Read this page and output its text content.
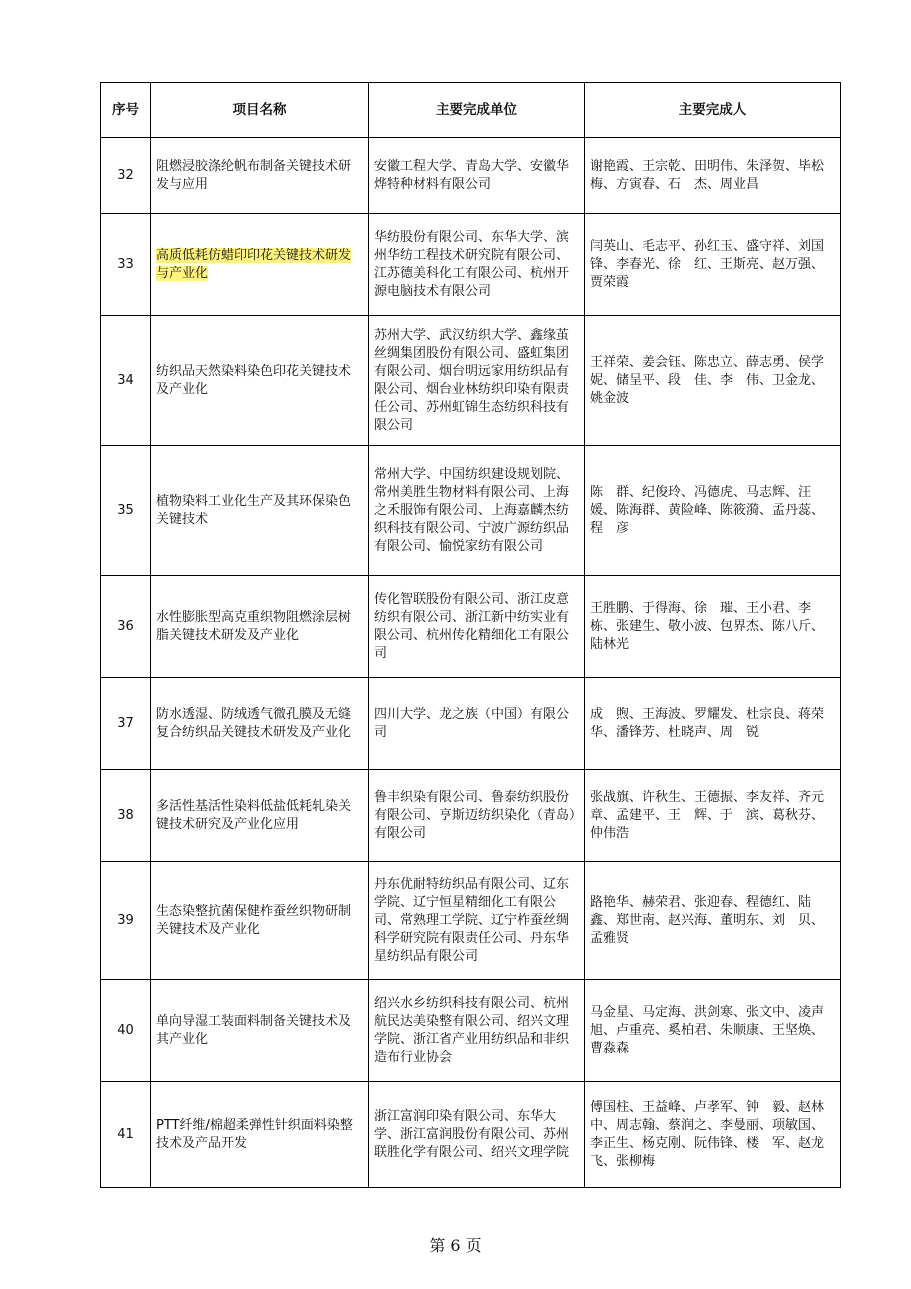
序号	项目名称	主要完成单位	主要完成人
32	阻燃浸胶涤纶帆布制备关键技术研发与应用	安徽工程大学、青岛大学、安徽华烨特种材料有限公司	谢艳霞、王宗乾、田明伟、朱泽贺、毕松梅、方寅春、石　杰、周业昌
33	高质低耗仿蜡印印花关键技术研发与产业化	华纺股份有限公司、东华大学、滨州华纺工程技术研究院有限公司、江苏德美科化工有限公司、杭州开源电脑技术有限公司	闫英山、毛志平、孙红玉、盛守祥、刘国锋、李春光、徐　红、王斯亮、赵万强、贾荣霞
34	纺织品天然染料染色印花关键技术及产业化	苏州大学、武汉纺织大学、鑫缘茧丝绸集团股份有限公司、盛虹集团有限公司、烟台明远家用纺织品有限公司、烟台业林纺织印染有限责任公司、苏州虹锦生态纺织科技有限公司	王祥荣、姜会钰、陈忠立、薛志勇、侯学妮、储呈平、段　佳、李　伟、卫金龙、姚金波
35	植物染料工业化生产及其环保染色关键技术	常州大学、中国纺织建设规划院、常州美胜生物材料有限公司、上海之禾服饰有限公司、上海嘉麟杰纺织科技有限公司、宁波广源纺织品有限公司、愉悦家纺有限公司	陈　群、纪俊玲、冯德虎、马志辉、汪　媛、陈海群、黄险峰、陈筱漪、孟丹蕊、程　彦
36	水性膨胀型高克重织物阻燃涂层树脂关键技术研发及产业化	传化智联股份有限公司、浙江皮意纺织有限公司、浙江新中纺实业有限公司、杭州传化精细化工有限公司	王胜鹏、于得海、徐　璀、王小君、李　栋、张建生、敬小波、包界杰、陈八斤、陆林光
37	防水透湿、防绒透气微孔膜及无缝复合纺织品关键技术研发及产业化	四川大学、龙之族（中国）有限公司	成　煦、王海波、罗耀发、杜宗良、蒋荣华、潘锋芳、杜晓声、周　锐
38	多活性基活性染料低盐低耗轧染关键技术研究及产业化应用	鲁丰织染有限公司、鲁泰纺织股份有限公司、亨斯迈纺织染化（青岛）有限公司	张战旗、许秋生、王德振、李友祥、齐元章、孟建平、王　辉、于　滨、葛秋芬、仲伟浩
39	生态染整抗菌保健柞蚕丝织物研制关键技术及产业化	丹东优耐特纺织品有限公司、辽东学院、辽宁恒星精细化工有限公司、常熟理工学院、辽宁柞蚕丝绸科学研究院有限责任公司、丹东华星纺织品有限公司	路艳华、赫荣君、张迎春、程德红、陆　鑫、郑世南、赵兴海、董明东、刘　贝、孟雅贤
40	单向导湿工装面料制备关键技术及其产业化	绍兴水乡纺织科技有限公司、杭州航民达美染整有限公司、绍兴文理学院、浙江省产业用纺织品和非织造布行业协会	马金星、马定海、洪剑寒、张文中、凌声旭、卢重亮、奚柏君、朱顺康、王坚焕、曹淼森
41	PTT纤维/棉超柔弹性针织面料染整技术及产品开发	浙江富润印染有限公司、东华大学、浙江富润股份有限公司、苏州联胜化学有限公司、绍兴文理学院	傅国柱、王益峰、卢孝军、钟　毅、赵林中、周志翰、蔡润之、李曼丽、项敏国、李正生、杨克刚、阮伟锋、楼　军、赵龙飞、张柳梅
第 6 页
